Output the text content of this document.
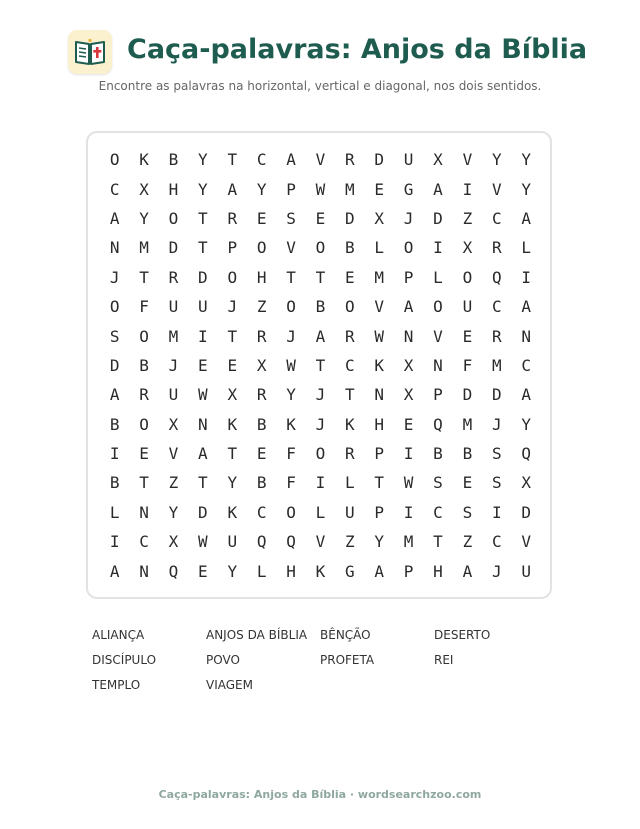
Caça-palavras: Anjos da Bíblia
Encontre as palavras na horizontal, vertical e diagonal, nos dois sentidos.
O	K	B	Y	T	C	A	V	R	D	U	X	V	Y	Y
C	X	H	Y	A	Y	P	W	M	E	G	A	I	V	Y
A	Y	O	T	R	E	S	E	D	X	J	D	Z	C	A
N	M	D	T	P	O	V	O	B	L	O	I	X	R	L
J	T	R	D	O	H	T	T	E	M	P	L	O	Q	I
O	F	U	U	J	Z	O	B	O	V	A	O	U	C	A
S	O	M	I	T	R	J	A	R	W	N	V	E	R	N
D	B	J	E	E	X	W	T	C	K	X	N	F	M	C
A	R	U	W	X	R	Y	J	T	N	X	P	D	D	A
B	O	X	N	K	B	K	J	K	H	E	Q	M	J	Y
I	E	V	A	T	E	F	O	R	P	I	B	B	S	Q
B	T	Z	T	Y	B	F	I	L	T	W	S	E	S	X
L	N	Y	D	K	C	O	L	U	P	I	C	S	I	D
I	C	X	W	U	Q	Q	V	Z	Y	M	T	Z	C	V
A	N	Q	E	Y	L	H	K	G	A	P	H	A	J	U
ALIANÇA	ANJOS DA BÍBLIA	BÊNÇÃO	DESERTO
DISCÍPULO	POVO	PROFETA	REI
TEMPLO	VIAGEM
Caça-palavras: Anjos da Bíblia · wordsearchzoo.com
